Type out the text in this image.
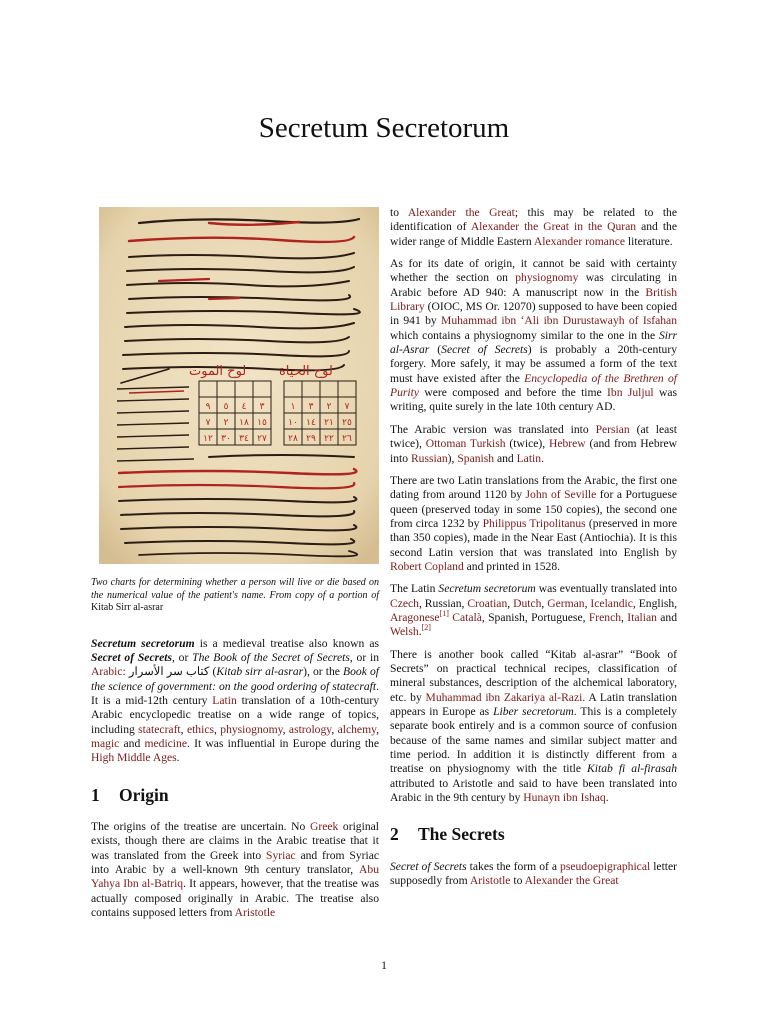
Secretum Secretorum
لوح الموت	لوح الحياة
٩ ٥ ٤ ٣
٧ ٢ ١٨ ١٥
١٢ ٣٠ ٣٤ ٢٧
١ ٣ ٢ ٧
١٠ ١٤ ٢١ ٢٥
٢٨ ٢٩ ٢٢ ٢٦
Two charts for determining whether a person will live or die based on the numerical value of the patient's name. From copy of a portion of Kitab Sirr al-asrar

Secretum secretorum is a medieval treatise also known as Secret of Secrets, or The Book of the Secret of Secrets, or in Arabic: كتاب سر الأسرار (Kitab sirr al-asrar), or the Book of the science of government: on the good ordering of statecraft. It is a mid-12th century Latin translation of a 10th-century Arabic encyclopedic treatise on a wide range of topics, including statecraft, ethics, physiognomy, astrology, alchemy, magic and medicine. It was influential in Europe during the High Middle Ages.

1 Origin

The origins of the treatise are uncertain. No Greek original exists, though there are claims in the Arabic treatise that it was translated from the Greek into Syriac and from Syriac into Arabic by a well-known 9th century translator, Abu Yahya Ibn al-Batriq. It appears, however, that the treatise was actually composed originally in Arabic. The treatise also contains supposed letters from Aristotle

to Alexander the Great; this may be related to the identification of Alexander the Great in the Quran and the wider range of Middle Eastern Alexander romance literature.

As for its date of origin, it cannot be said with certainty whether the section on physiognomy was circulating in Arabic before AD 940: A manuscript now in the British Library (OIOC, MS Or. 12070) supposed to have been copied in 941 by Muhammad ibn ‘Ali ibn Durustawayh of Isfahan which contains a physiognomy similar to the one in the Sirr al-Asrar (Secret of Secrets) is probably a 20th-century forgery. More safely, it may be assumed a form of the text must have existed after the Encyclopedia of the Brethren of Purity were composed and before the time Ibn Juljul was writing, quite surely in the late 10th century AD.

The Arabic version was translated into Persian (at least twice), Ottoman Turkish (twice), Hebrew (and from Hebrew into Russian), Spanish and Latin.

There are two Latin translations from the Arabic, the first one dating from around 1120 by John of Seville for a Portuguese queen (preserved today in some 150 copies), the second one from circa 1232 by Philippus Tripolitanus (preserved in more than 350 copies), made in the Near East (Antiochia). It is this second Latin version that was translated into English by Robert Copland and printed in 1528.

The Latin Secretum secretorum was eventually translated into Czech, Russian, Croatian, Dutch, German, Icelandic, English, Aragonese[1] Català, Spanish, Portuguese, French, Italian and Welsh.[2]

There is another book called “Kitab al-asrar” “Book of Secrets” on practical technical recipes, classification of mineral substances, description of the alchemical laboratory, etc. by Muhammad ibn Zakariya al-Razi. A Latin translation appears in Europe as Liber secretorum. This is a completely separate book entirely and is a common source of confusion because of the same names and similar subject matter and time period. In addition it is distinctly different from a treatise on physiognomy with the title Kitab fi al-firasah attributed to Aristotle and said to have been translated into Arabic in the 9th century by Hunayn ibn Ishaq.

2 The Secrets

Secret of Secrets takes the form of a pseudoepigraphical letter supposedly from Aristotle to Alexander the Great

1
